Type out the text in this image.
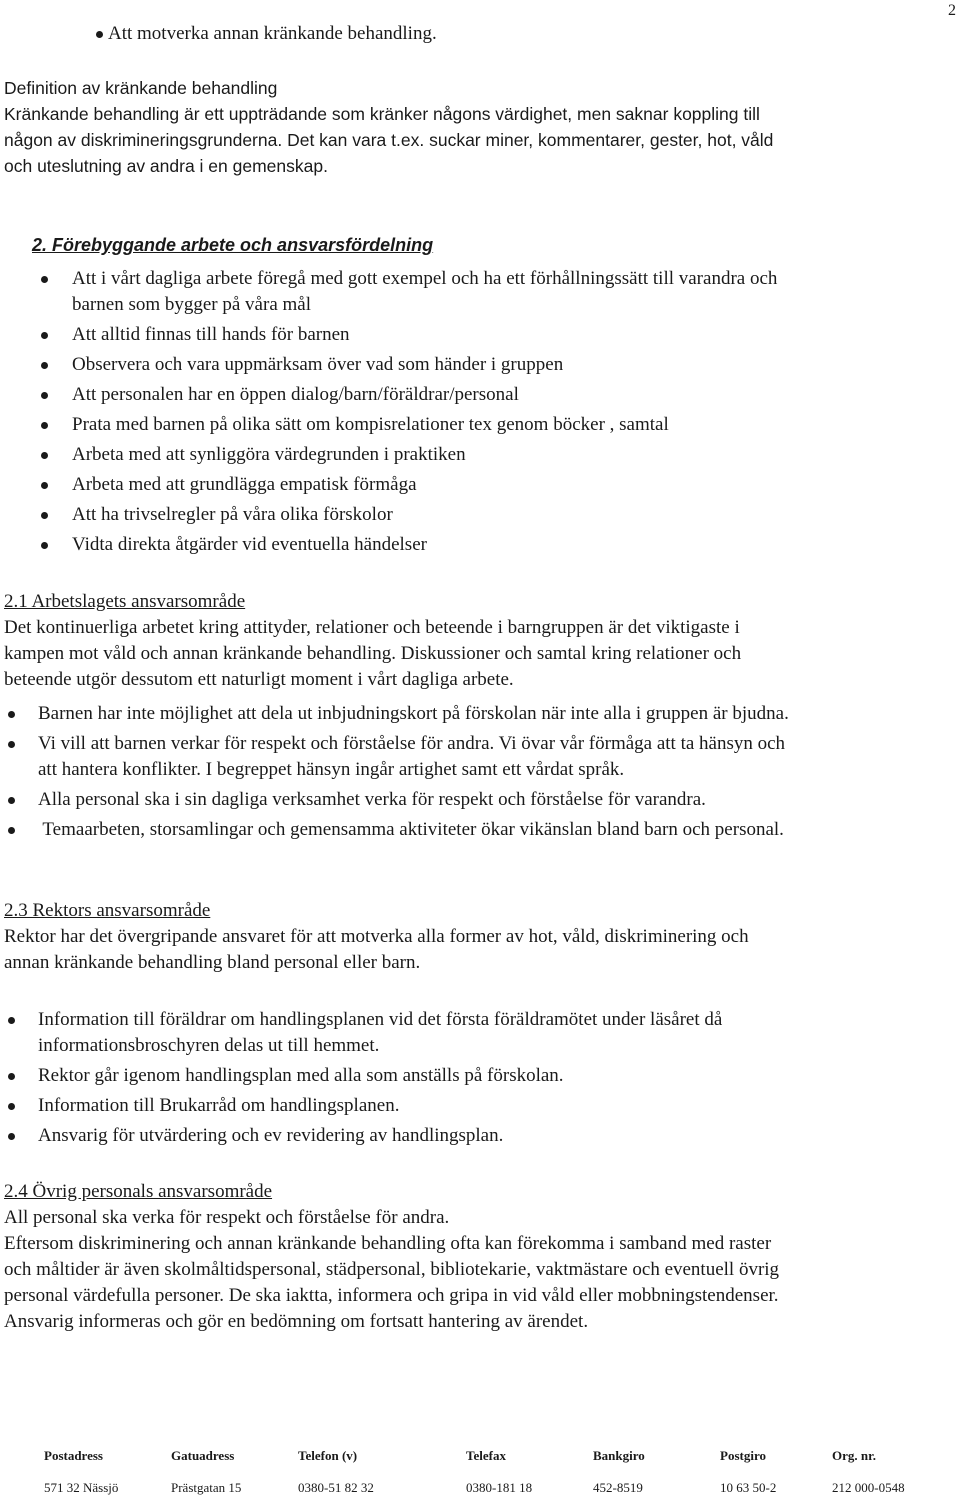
2
Att motverka annan kränkande behandling.
Definition av kränkande behandling
Kränkande behandling är ett uppträdande som kränker någons värdighet, men saknar koppling till
någon av diskrimineringsgrunderna. Det kan vara t.ex. suckar miner, kommentarer, gester, hot, våld
och uteslutning av andra i en gemenskap.
2. Förebyggande arbete och ansvarsfördelning
Att i vårt dagliga arbete föregå med gott exempel och ha ett förhållningssätt till varandra och
barnen som bygger på våra mål
Att alltid finnas till hands för barnen
Observera och vara uppmärksam över vad som händer i gruppen
Att personalen har en öppen dialog/barn/föräldrar/personal
Prata med barnen på olika sätt om kompisrelationer tex genom böcker , samtal
Arbeta med att synliggöra värdegrunden i praktiken
Arbeta med att grundlägga empatisk förmåga
Att ha trivselregler på våra olika förskolor
Vidta direkta åtgärder vid eventuella händelser
2.1 Arbetslagets ansvarsområde
Det kontinuerliga arbetet kring attityder, relationer och beteende i barngruppen är det viktigaste i
kampen mot våld och annan kränkande behandling. Diskussioner och samtal kring relationer och
beteende utgör dessutom ett naturligt moment i vårt dagliga arbete.
Barnen har inte möjlighet att dela ut inbjudningskort på förskolan när inte alla i gruppen är bjudna.
Vi vill att barnen verkar för respekt och förståelse för andra. Vi övar vår förmåga att ta hänsyn och
att hantera konflikter. I begreppet hänsyn ingår artighet samt ett vårdat språk.
Alla personal ska i sin dagliga verksamhet verka för respekt och förståelse för varandra.
Temaarbeten, storsamlingar och gemensamma aktiviteter ökar vikänslan bland barn och personal.
2.3 Rektors ansvarsområde
Rektor har det övergripande ansvaret för att motverka alla former av hot, våld, diskriminering och
annan kränkande behandling bland personal eller barn.
Information till föräldrar om handlingsplanen vid det första föräldramötet under läsåret då
informationsbroschyren delas ut till hemmet.
Rektor går igenom handlingsplan med alla som anställs på förskolan.
Information till Brukarråd om handlingsplanen.
Ansvarig för utvärdering och ev revidering av handlingsplan.
2.4 Övrig personals ansvarsområde
All personal ska verka för respekt och förståelse för andra.
Eftersom diskriminering och annan kränkande behandling ofta kan förekomma i samband med raster
och måltider är även skolmåltidspersonal, städpersonal, bibliotekarie, vaktmästare och eventuell övrig
personal värdefulla personer. De ska iaktta, informera och gripa in vid våld eller mobbningstendenser.
Ansvarig informeras och gör en bedömning om fortsatt hantering av ärendet.
Postadress	Gatuadress	Telefon (v)	Telefax	Bankgiro	Postgiro	Org. nr.
571 32 Nässjö	Prästgatan 15	0380-51 82 32	0380-181 18	452-8519	10 63 50-2	212 000-0548
